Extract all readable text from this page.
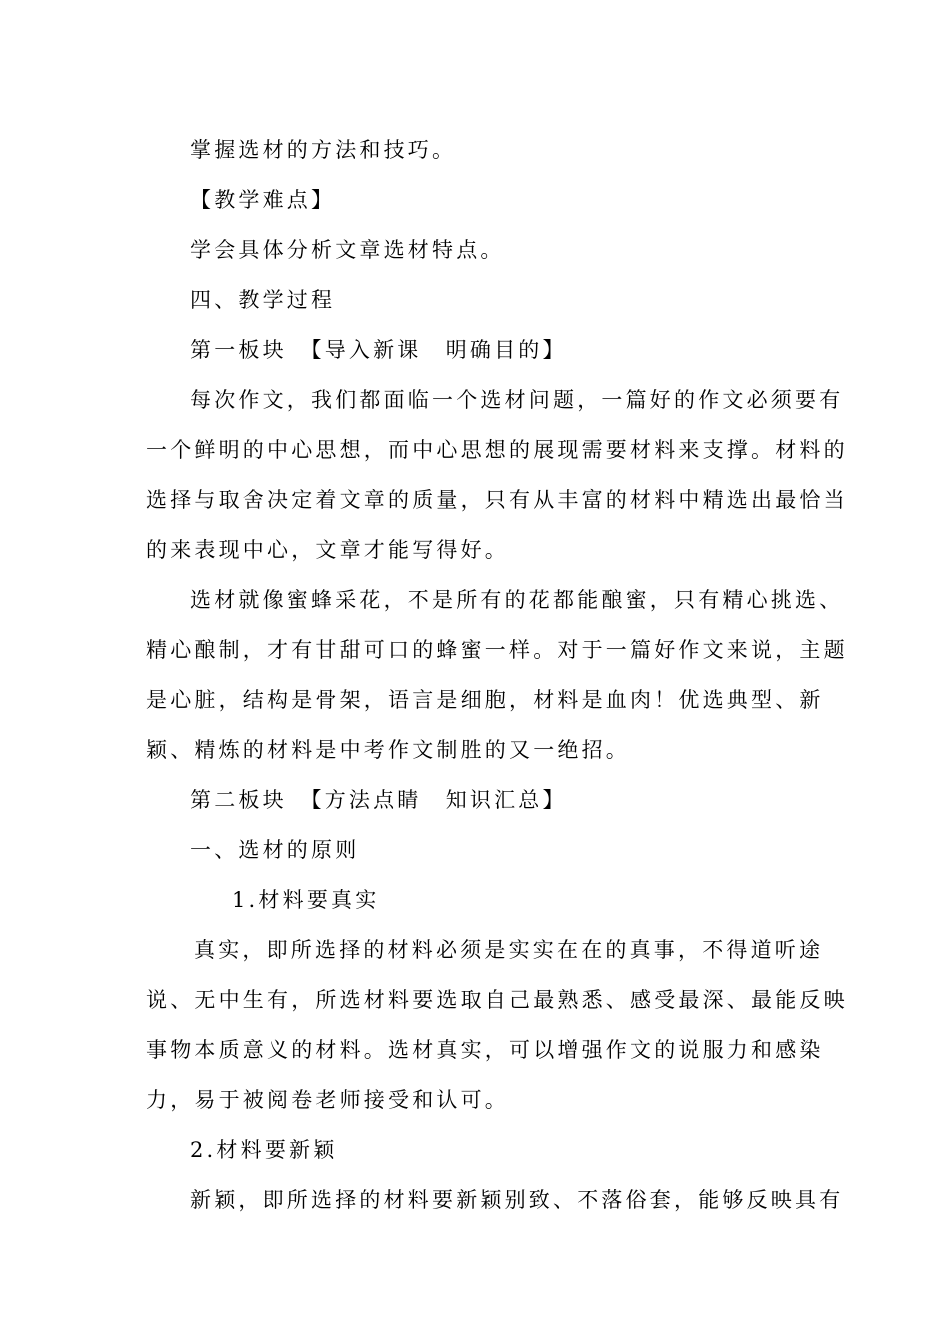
掌握选材的方法和技巧。
【教学难点】
学会具体分析文章选材特点。
四、教学过程
第一板块　【导入新课　明确目的】
每次作文，我们都面临一个选材问题，一篇好的作文必须要有
一个鲜明的中心思想，而中心思想的展现需要材料来支撑。材料的
选择与取舍决定着文章的质量，只有从丰富的材料中精选出最恰当
的来表现中心，文章才能写得好。
选材就像蜜蜂采花，不是所有的花都能酿蜜，只有精心挑选、
精心酿制，才有甘甜可口的蜂蜜一样。对于一篇好作文来说，主题
是心脏，结构是骨架，语言是细胞，材料是血肉！优选典型、新
颖、精炼的材料是中考作文制胜的又一绝招。
第二板块　【方法点睛　知识汇总】
一、选材的原则
1.材料要真实
真实，即所选择的材料必须是实实在在的真事，不得道听途
说、无中生有，所选材料要选取自己最熟悉、感受最深、最能反映
事物本质意义的材料。选材真实，可以增强作文的说服力和感染
力，易于被阅卷老师接受和认可。
2.材料要新颖
新颖，即所选择的材料要新颖别致、不落俗套，能够反映具有
